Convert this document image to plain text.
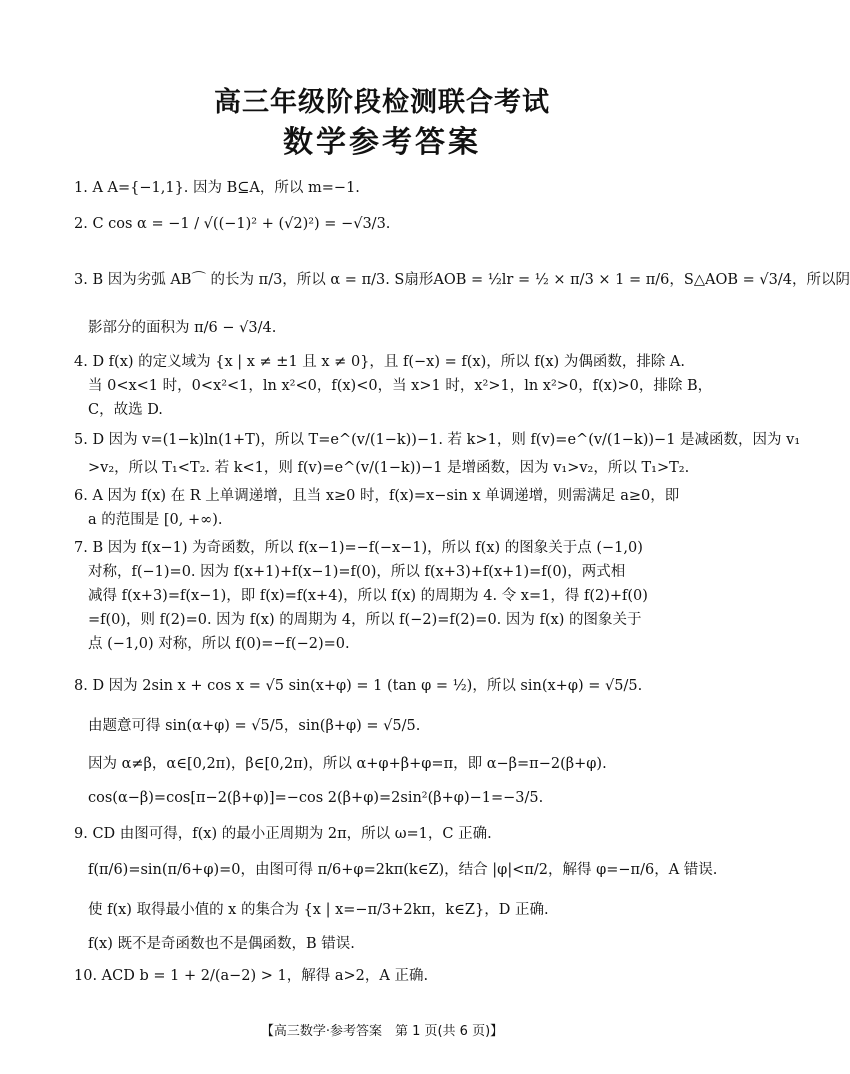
高三年级阶段检测联合考试
数学参考答案
1. A A={−1,1}. 因为 B⊆A，所以 m=−1.
2. C cos α = −1 / √((−1)² + (√2)²) = −√3/3.
3. B 因为劣弧 AB⌒ 的长为 π/3，所以 α = π/3. S扇形AOB = ½lr = ½ × π/3 × 1 = π/6，S△AOB = √3/4，所以阴
影部分的面积为 π/6 − √3/4.
4. D f(x) 的定义域为 {x | x ≠ ±1 且 x ≠ 0}，且 f(−x) = f(x)，所以 f(x) 为偶函数，排除 A.
当 0<x<1 时，0<x²<1，ln x²<0，f(x)<0，当 x>1 时，x²>1，ln x²>0，f(x)>0，排除 B，
C，故选 D.
5. D 因为 v=(1−k)ln(1+T)，所以 T=e^(v/(1−k))−1. 若 k>1，则 f(v)=e^(v/(1−k))−1 是减函数，因为 v₁
>v₂，所以 T₁<T₂. 若 k<1，则 f(v)=e^(v/(1−k))−1 是增函数，因为 v₁>v₂，所以 T₁>T₂.
6. A 因为 f(x) 在 R 上单调递增，且当 x≥0 时，f(x)=x−sin x 单调递增，则需满足 a≥0，即
a 的范围是 [0, +∞).
7. B 因为 f(x−1) 为奇函数，所以 f(x−1)=−f(−x−1)，所以 f(x) 的图象关于点 (−1,0)
对称，f(−1)=0. 因为 f(x+1)+f(x−1)=f(0)，所以 f(x+3)+f(x+1)=f(0)，两式相
减得 f(x+3)=f(x−1)，即 f(x)=f(x+4)，所以 f(x) 的周期为 4. 令 x=1，得 f(2)+f(0)
=f(0)，则 f(2)=0. 因为 f(x) 的周期为 4，所以 f(−2)=f(2)=0. 因为 f(x) 的图象关于
点 (−1,0) 对称，所以 f(0)=−f(−2)=0.
8. D 因为 2sin x + cos x = √5 sin(x+φ) = 1 (tan φ = ½)，所以 sin(x+φ) = √5/5.
由题意可得 sin(α+φ) = √5/5，sin(β+φ) = √5/5.
因为 α≠β，α∈[0,2π)，β∈[0,2π)，所以 α+φ+β+φ=π，即 α−β=π−2(β+φ).
cos(α−β)=cos[π−2(β+φ)]=−cos 2(β+φ)=2sin²(β+φ)−1=−3/5.
9. CD 由图可得，f(x) 的最小正周期为 2π，所以 ω=1，C 正确.
f(π/6)=sin(π/6+φ)=0，由图可得 π/6+φ=2kπ(k∈Z)，结合 |φ|<π/2，解得 φ=−π/6，A 错误.
使 f(x) 取得最小值的 x 的集合为 {x | x=−π/3+2kπ，k∈Z}，D 正确.
f(x) 既不是奇函数也不是偶函数，B 错误.
10. ACD b = 1 + 2/(a−2) > 1，解得 a>2，A 正确.
【高三数学·参考答案　第 1 页(共 6 页)】
